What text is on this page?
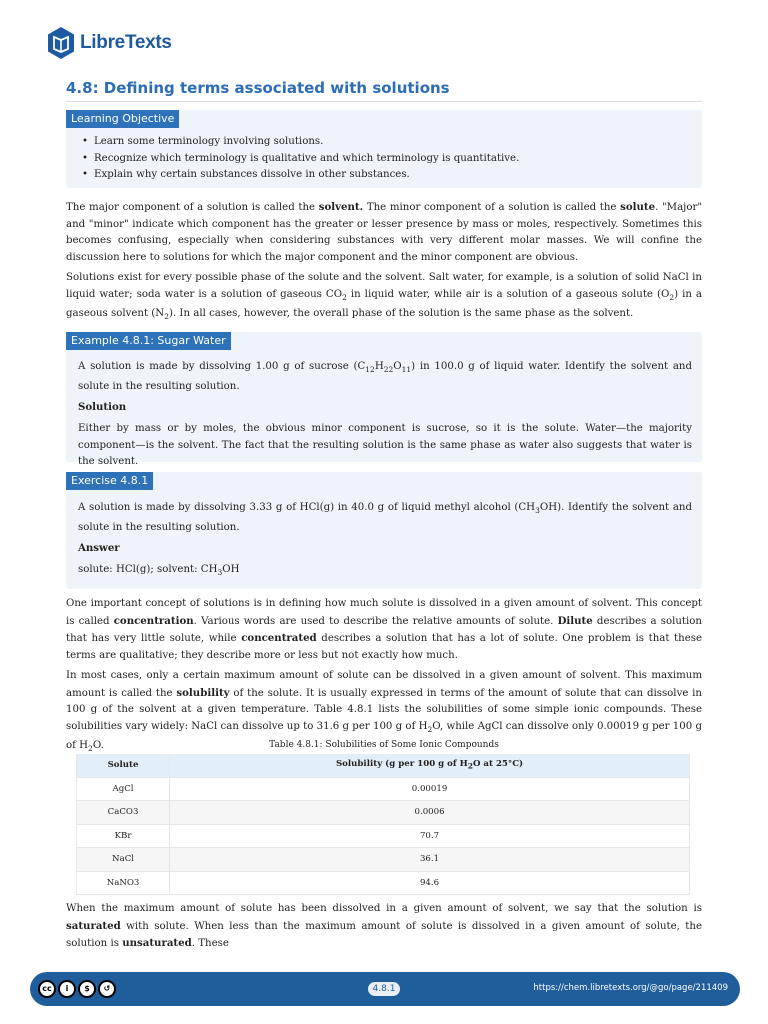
LibreTexts
4.8: Defining terms associated with solutions
Learning Objective
• Learn some terminology involving solutions.
• Recognize which terminology is qualitative and which terminology is quantitative.
• Explain why certain substances dissolve in other substances.

The major component of a solution is called the solvent. The minor component of a solution is called the solute. "Major" and "minor" indicate which component has the greater or lesser presence by mass or moles, respectively. Sometimes this becomes confusing, especially when considering substances with very different molar masses. We will confine the discussion here to solutions for which the major component and the minor component are obvious.

Solutions exist for every possible phase of the solute and the solvent. Salt water, for example, is a solution of solid NaCl in liquid water; soda water is a solution of gaseous $CO_2$ in liquid water, while air is a solution of a gaseous solute $(O_2)$ in a gaseous solvent $(N_2)$. In all cases, however, the overall phase of the solution is the same phase as the solvent.

Example 4.8.1: Sugar Water

A solution is made by dissolving 1.00 g of sucrose $(C_{12}H_{22}O_{11})$ in 100.0 g of liquid water. Identify the solvent and solute in the resulting solution.

Solution

Either by mass or by moles, the obvious minor component is sucrose, so it is the solute. Water—the majority component—is the solvent. The fact that the resulting solution is the same phase as water also suggests that water is the solvent.

Exercise 4.8.1

A solution is made by dissolving 3.33 g of HCl(g) in 40.0 g of liquid methyl alcohol $(CH_3OH)$. Identify the solvent and solute in the resulting solution.

Answer

solute: HCl(g); solvent: $CH_3OH$

One important concept of solutions is in defining how much solute is dissolved in a given amount of solvent. This concept is called concentration. Various words are used to describe the relative amounts of solute. Dilute describes a solution that has very little solute, while concentrated describes a solution that has a lot of solute. One problem is that these terms are qualitative; they describe more or less but not exactly how much.

In most cases, only a certain maximum amount of solute can be dissolved in a given amount of solvent. This maximum amount is called the solubility of the solute. It is usually expressed in terms of the amount of solute that can dissolve in 100 g of the solvent at a given temperature. Table 4.8.1 lists the solubilities of some simple ionic compounds. These solubilities vary widely: NaCl can dissolve up to 31.6 g per 100 g of $H_2O$, while AgCl can dissolve only 0.00019 g per 100 g of $H_2O$.	Table 4.8.1: Solubilities of Some Ionic Compounds
Solute	Solubility (g per 100 g of $H_2O$ at 25°C)
AgCl	0.00019
CaCO3	0.0006
KBr	70.7
NaCl	36.1
NaNO3	94.6

When the maximum amount of solute has been dissolved in a given amount of solvent, we say that the solution is saturated with solute. When less than the maximum amount of solute is dissolved in a given amount of solute, the solution is unsaturated. These

cc	i	$	↺	4.8.1	https://chem.libretexts.org/@go/page/211409
